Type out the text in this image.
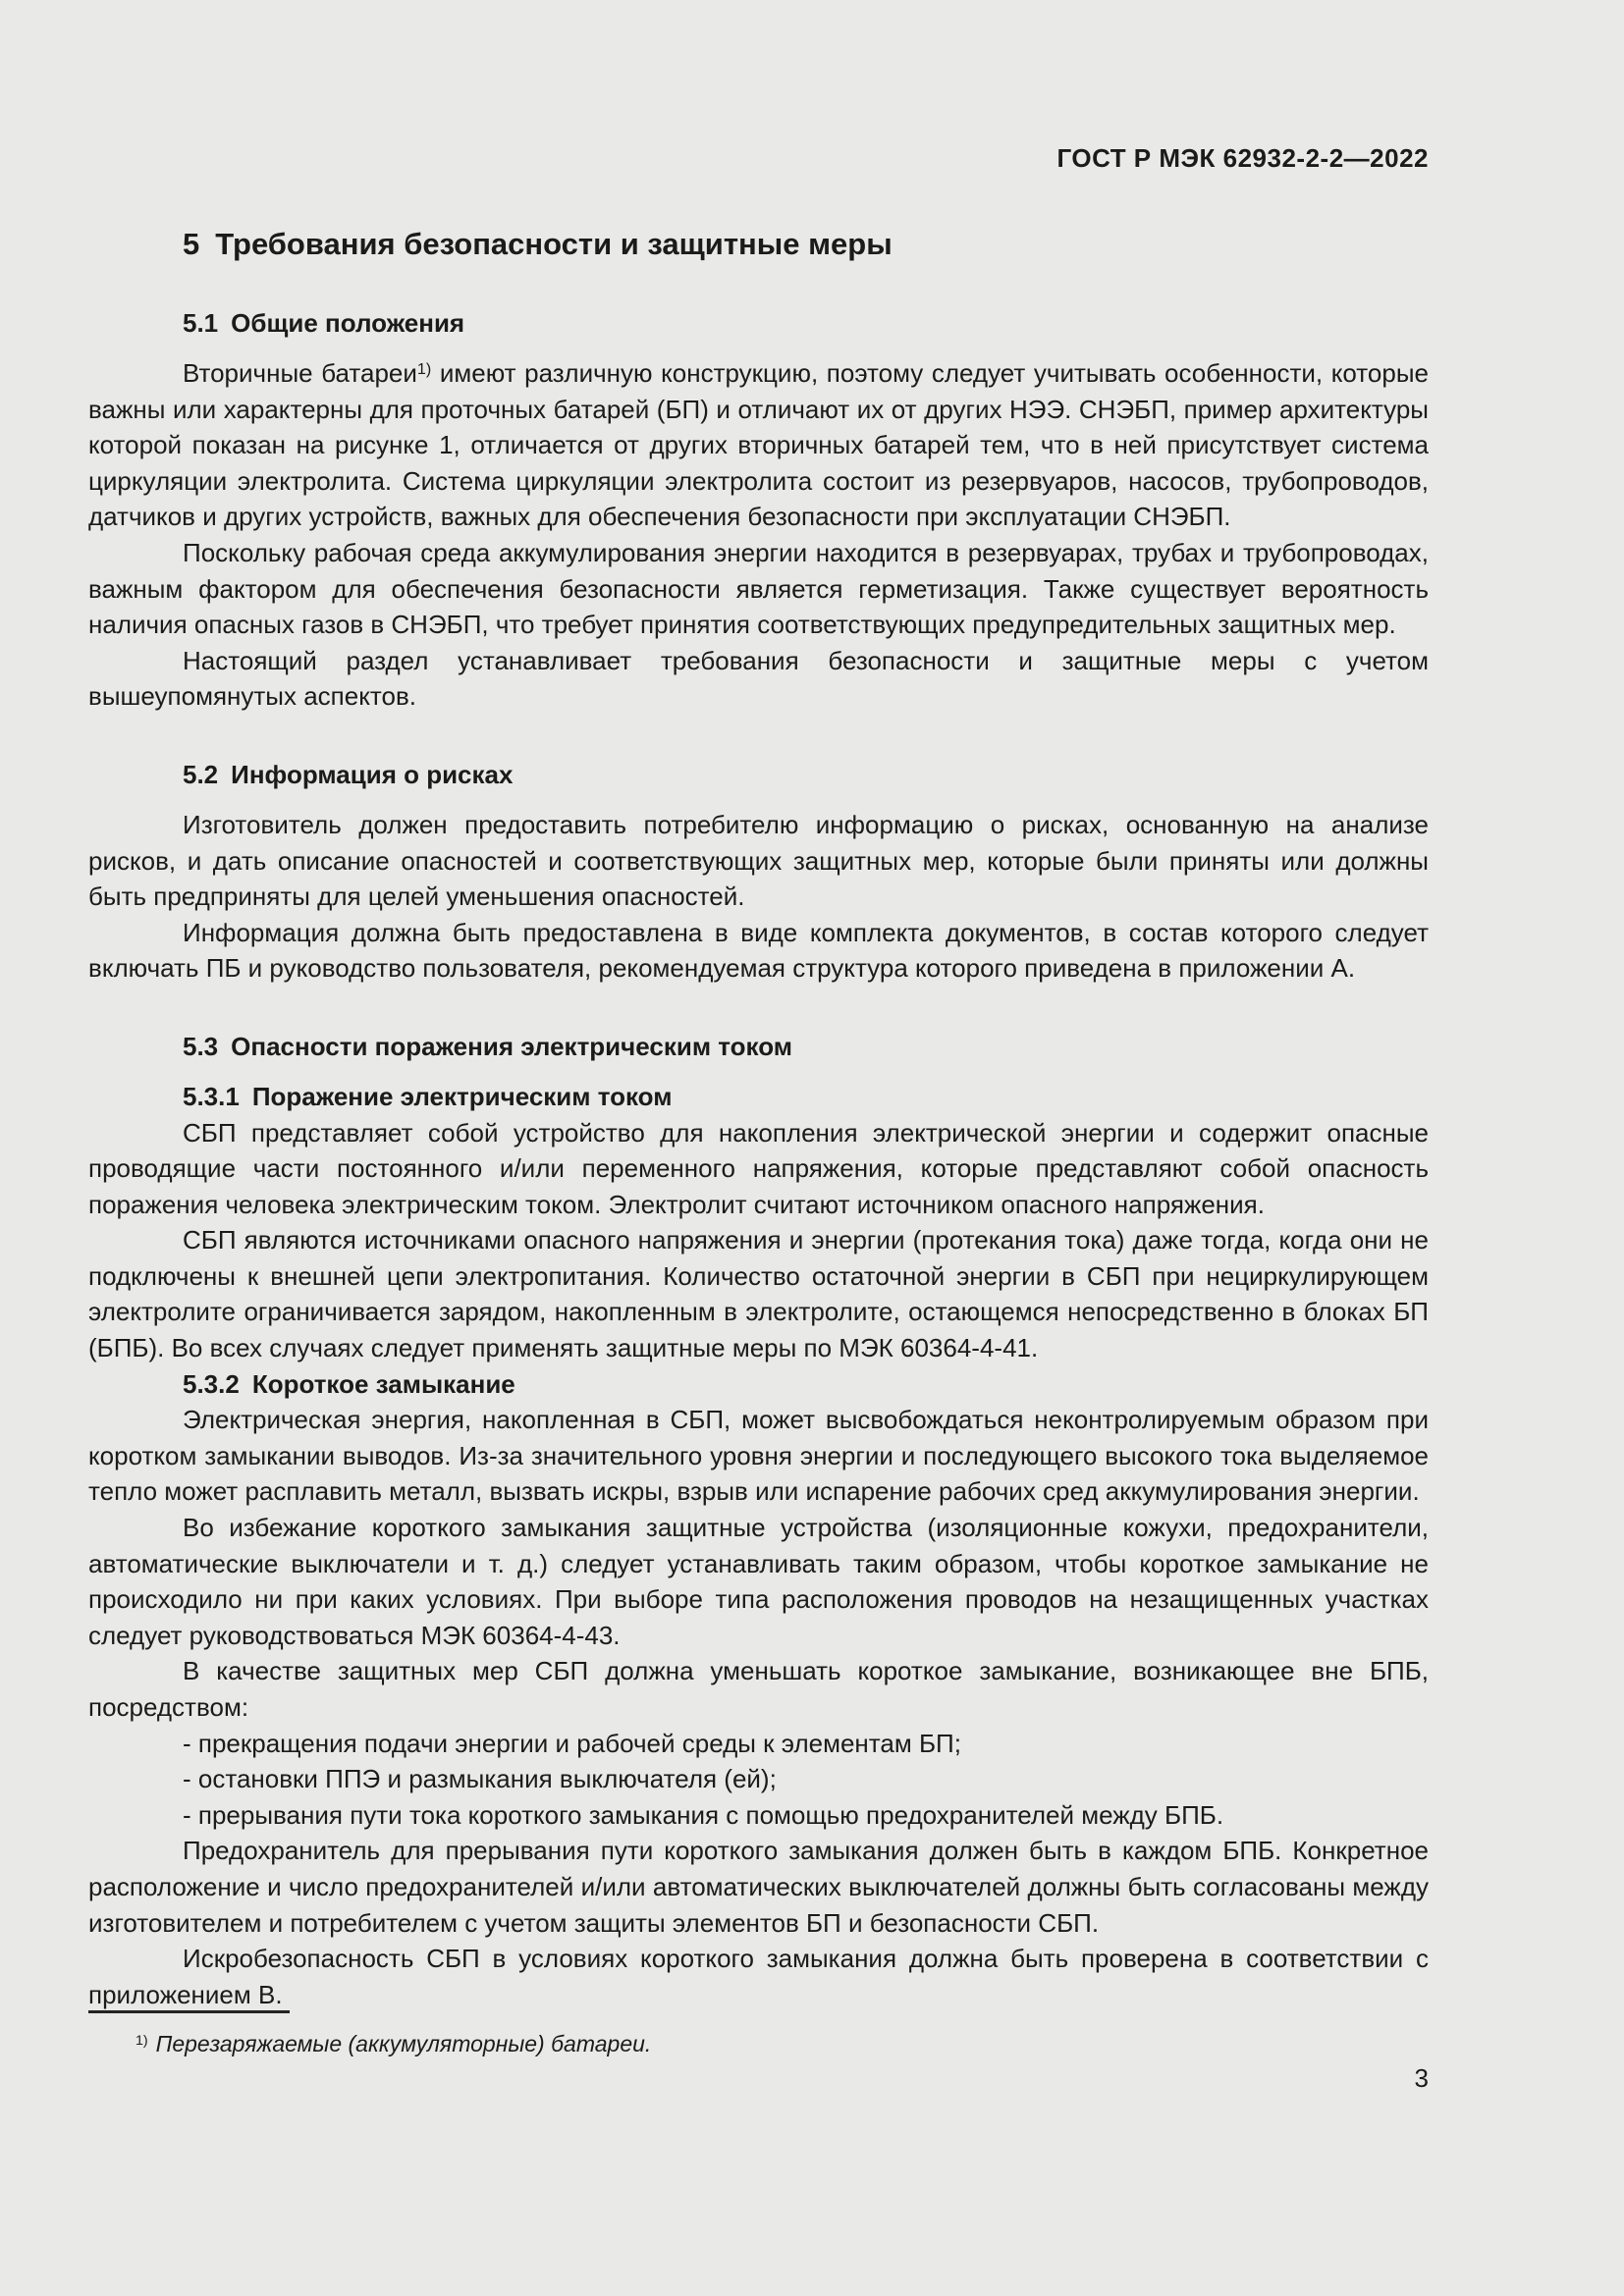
ГОСТ Р МЭК 62932-2-2—2022
5 Требования безопасности и защитные меры
5.1 Общие положения

Вторичные батареи$^{1)}$ имеют различную конструкцию, поэтому следует учитывать особенности, которые важны или характерны для проточных батарей (БП) и отличают их от других НЭЭ. СНЭБП, пример архитектуры которой показан на рисунке 1, отличается от других вторичных батарей тем, что в ней присутствует система циркуляции электролита. Система циркуляции электролита состоит из резервуаров, насосов, трубопроводов, датчиков и других устройств, важных для обеспечения безопасности при эксплуатации СНЭБП.

Поскольку рабочая среда аккумулирования энергии находится в резервуарах, трубах и трубопроводах, важным фактором для обеспечения безопасности является герметизация. Также существует вероятность наличия опасных газов в СНЭБП, что требует принятия соответствующих предупредительных защитных мер.

Настоящий раздел устанавливает требования безопасности и защитные меры с учетом вышеупомянутых аспектов.

5.2 Информация о рисках

Изготовитель должен предоставить потребителю информацию о рисках, основанную на анализе рисков, и дать описание опасностей и соответствующих защитных мер, которые были приняты или должны быть предприняты для целей уменьшения опасностей.

Информация должна быть предоставлена в виде комплекта документов, в состав которого следует включать ПБ и руководство пользователя, рекомендуемая структура которого приведена в приложении А.

5.3 Опасности поражения электрическим током
5.3.1 Поражение электрическим током

СБП представляет собой устройство для накопления электрической энергии и содержит опасные проводящие части постоянного и/или переменного напряжения, которые представляют собой опасность поражения человека электрическим током. Электролит считают источником опасного напряжения.

СБП являются источниками опасного напряжения и энергии (протекания тока) даже тогда, когда они не подключены к внешней цепи электропитания. Количество остаточной энергии в СБП при нециркулирующем электролите ограничивается зарядом, накопленным в электролите, остающемся непосредственно в блоках БП (БПБ). Во всех случаях следует применять защитные меры по МЭК 60364-4-41.

5.3.2 Короткое замыкание

Электрическая энергия, накопленная в СБП, может высвобождаться неконтролируемым образом при коротком замыкании выводов. Из-за значительного уровня энергии и последующего высокого тока выделяемое тепло может расплавить металл, вызвать искры, взрыв или испарение рабочих сред аккумулирования энергии.

Во избежание короткого замыкания защитные устройства (изоляционные кожухи, предохранители, автоматические выключатели и т. д.) следует устанавливать таким образом, чтобы короткое замыкание не происходило ни при каких условиях. При выборе типа расположения проводов на незащищенных участках следует руководствоваться МЭК 60364-4-43.

В качестве защитных мер СБП должна уменьшать короткое замыкание, возникающее вне БПБ, посредством:

- прекращения подачи энергии и рабочей среды к элементам БП;

- остановки ППЭ и размыкания выключателя (ей);

- прерывания пути тока короткого замыкания с помощью предохранителей между БПБ.

Предохранитель для прерывания пути короткого замыкания должен быть в каждом БПБ. Конкретное расположение и число предохранителей и/или автоматических выключателей должны быть согласованы между изготовителем и потребителем с учетом защиты элементов БП и безопасности СБП.

Искробезопасность СБП в условиях короткого замыкания должна быть проверена в соответствии с приложением В.

$^{1)}$ Перезаряжаемые (аккумуляторные) батареи.
3
